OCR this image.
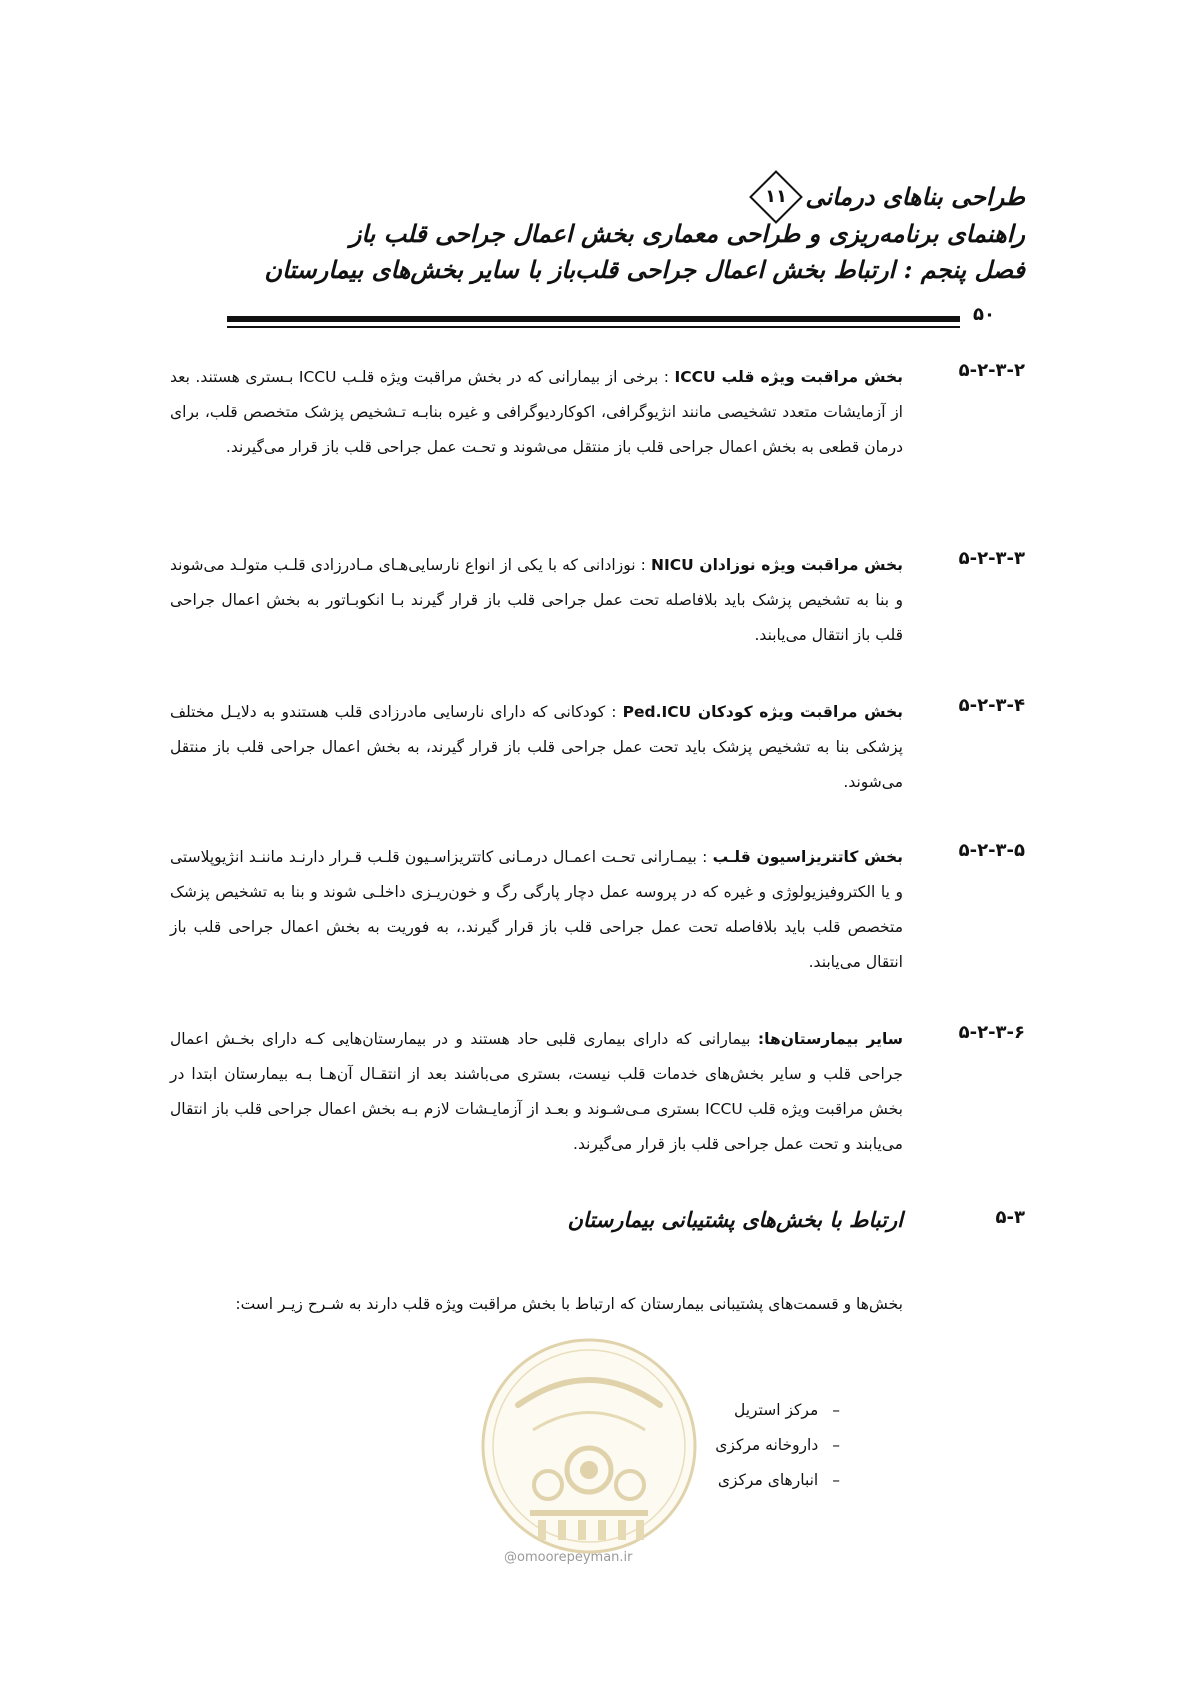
طراحی بناهای درمانی
۱۱
راهنمای برنامه‌ریزی و طراحی معماری بخش اعمال جراحی قلب باز
فصل پنجم : ارتباط بخش اعمال جراحی قلب‌باز با سایر بخش‌های بیمارستان
۵۰
۵-۲-۳-۲
بخش مراقبت ویژه قلب ICCU : برخی از بیمارانی که در بخش مراقبت ویژه قلـب ICCU بـستری هستند. بعد از آزمایشات متعدد تشخیصی مانند انژیوگرافی، اکوکاردیوگرافی و غیره بنابـه تـشخیص پزشک متخصص قلب، برای درمان قطعی به بخش اعمال جراحی قلب باز منتقل می‌شوند و تحـت عمل جراحی قلب باز قرار می‌گیرند.
۵-۲-۳-۳
بخش مراقبت ویژه نوزادان NICU : نوزادانی که با یکی از انواع نارسایی‌هـای مـادرزادی قلـب متولـد می‌شوند و بنا به تشخیص پزشک باید بلافاصله تحت عمل جراحی قلب باز قرار گیرند بـا انکوبـاتور به بخش اعمال جراحی قلب باز انتقال می‌یابند.
۵-۲-۳-۴
بخش مراقبت ویژه کودکان Ped.ICU : کودکانی که دارای نارسایی مادرزادی قلب هستندو به دلایـل مختلف پزشکی بنا به تشخیص پزشک باید تحت عمل جراحی قلب باز قرار گیرند، به بخش اعمال جراحی قلب باز منتقل می‌شوند.
۵-۲-۳-۵
بخش کاتتریزاسیون قلـب : بیمـارانی تحـت اعمـال درمـانی کاتتریزاسـیون قلـب قـرار دارنـد ماننـد انژیوپلاستی و یا الکتروفیزیولوژی و غیره که در پروسه عمل دچار پارگی رگ و خون‌ریـزی داخلـی شوند و بنا به تشخیص پزشک متخصص قلب باید بلافاصله تحت عمل جراحی قلب باز قرار گیرند.، به فوریت به بخش اعمال جراحی قلب باز انتقال می‌یابند.
۵-۲-۳-۶
سایر بیمارستان‌ها: بیمارانی که دارای بیماری قلبی حاد هستند و در بیمارستان‌هایی کـه دارای بخـش اعمال جراحی قلب و سایر بخش‌های خدمات قلب نیست، بستری می‌باشند بعد از انتقـال آن‌هـا بـه بیمارستان ابتدا در بخش مراقبت ویژه قلب ICCU بستری مـی‌شـوند و بعـد از آزمایـشات لازم بـه بخش اعمال جراحی قلب باز انتقال می‌یابند و تحت عمل جراحی قلب باز قرار می‌گیرند.
۵-۳
ارتباط با بخش‌های پشتیبانی بیمارستان
بخش‌ها و قسمت‌های پشتیبانی بیمارستان که ارتباط با بخش مراقبت ویژه قلب دارند به شـرح زیـر است:
@omoorepeyman.ir
–
مرکز استریل
–
داروخانه مرکزی
–
انبارهای مرکزی
